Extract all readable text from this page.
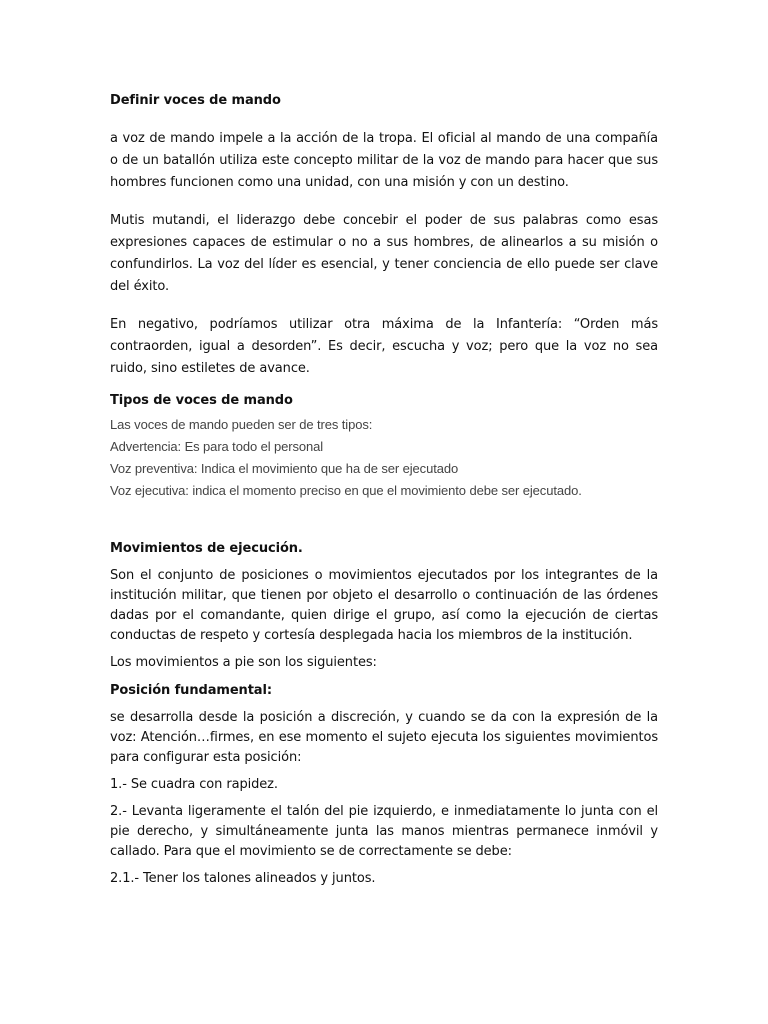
Definir voces de mando

a voz de mando impele a la acción de la tropa. El oficial al mando de una compañía o de un batallón utiliza este concepto militar de la voz de mando para hacer que sus hombres funcionen como una unidad, con una misión y con un destino.

Mutis mutandi, el liderazgo debe concebir el poder de sus palabras como esas expresiones capaces de estimular o no a sus hombres, de alinearlos a su misión o confundirlos. La voz del líder es esencial, y tener conciencia de ello puede ser clave del éxito.

En negativo, podríamos utilizar otra máxima de la Infantería: “Orden más contraorden, igual a desorden”. Es decir, escucha y voz; pero que la voz no sea ruido, sino estiletes de avance.

Tipos de voces de mando
Las voces de mando pueden ser de tres tipos:
Advertencia: Es para todo el personal
Voz preventiva: Indica el movimiento que ha de ser ejecutado
Voz ejecutiva: indica el momento preciso en que el movimiento debe ser ejecutado.
Movimientos de ejecución.

Son el conjunto de posiciones o movimientos ejecutados por los integrantes de la institución militar, que tienen por objeto el desarrollo o continuación de las órdenes dadas por el comandante, quien dirige el grupo, así como la ejecución de ciertas conductas de respeto y cortesía desplegada hacia los miembros de la institución.

Los movimientos a pie son los siguientes:

Posición fundamental:

se desarrolla desde la posición a discreción, y cuando se da con la expresión de la voz: Atención…firmes, en ese momento el sujeto ejecuta los siguientes movimientos para configurar esta posición:

1.- Se cuadra con rapidez.

2.- Levanta ligeramente el talón del pie izquierdo, e inmediatamente lo junta con el pie derecho, y simultáneamente junta las manos mientras permanece inmóvil y callado. Para que el movimiento se de correctamente se debe:

2.1.- Tener los talones alineados y juntos.
